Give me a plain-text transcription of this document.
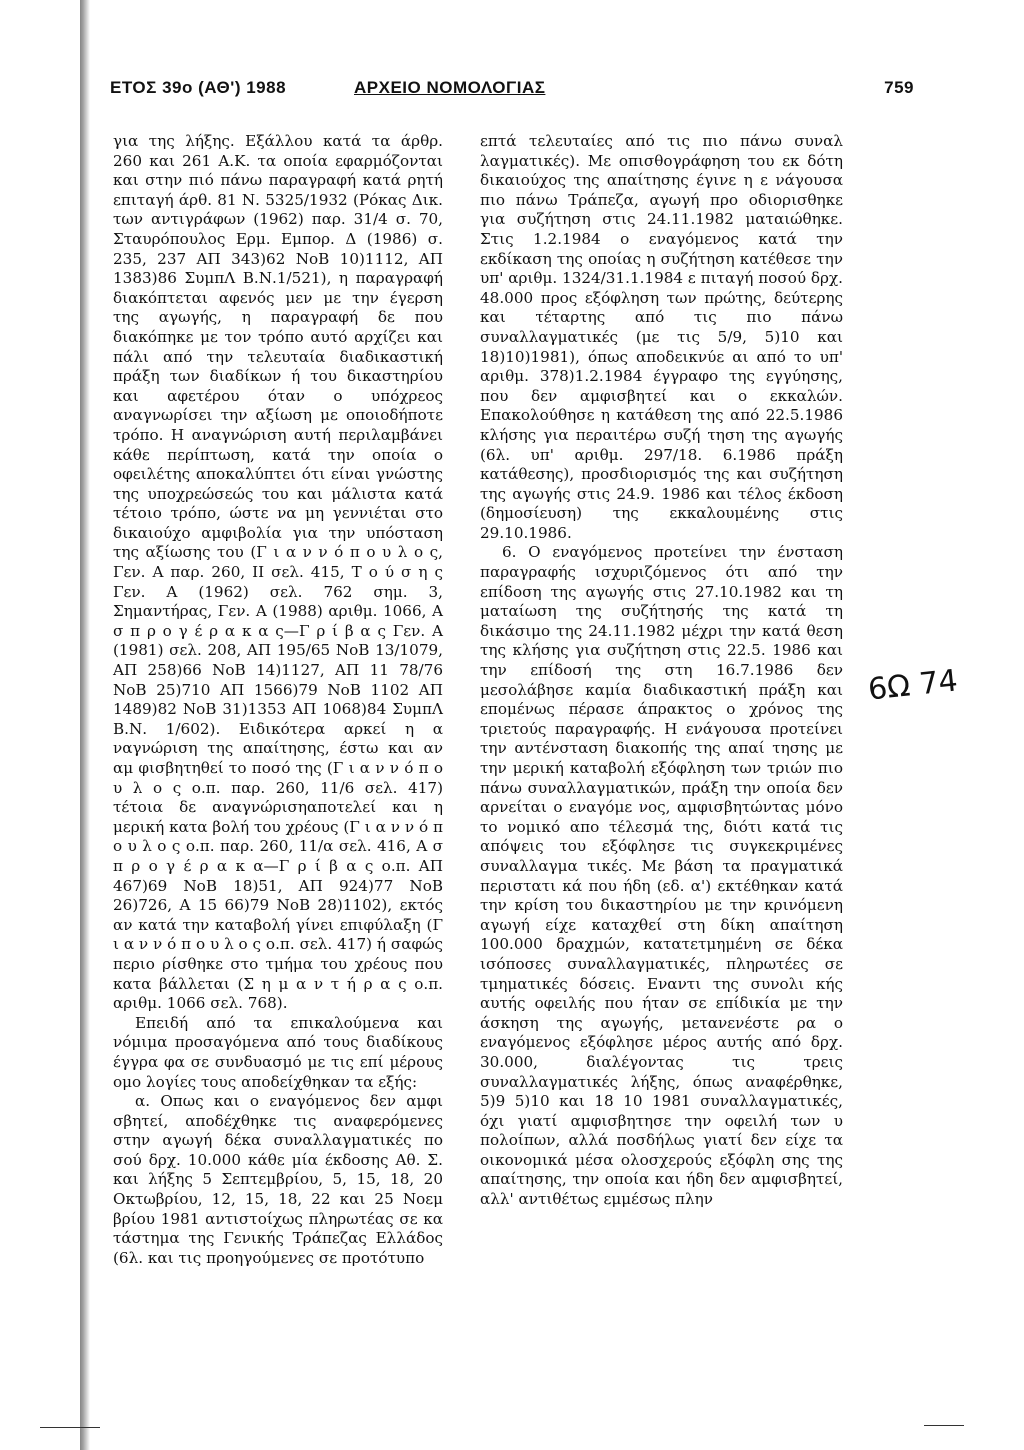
ΕΤΟΣ 39ο (ΑΘ') 1988	ΑΡΧΕΙΟ ΝΟΜΟΛΟΓΙΑΣ	759

για της λήξης. Εξάλλου κατά τα άρθρ. 260 και 261 Α.Κ. τα οποία εφαρμόζονται και στην πιό πάνω παραγραφή κατά ρητή επιταγή άρθ. 81 Ν. 5325/1932 (Ρόκας Δικ. των αντιγράφων (1962) παρ. 31/4 σ. 70, Σταυρόπουλος Ερμ. Εμπορ. Δ (1986) σ. 235, 237 ΑΠ 343)62 ΝοΒ 10)1112, ΑΠ 1383)86 ΣυμπΛ Β.Ν.1/521), η παραγραφή διακόπτεται αφενός μεν με την έγερση της αγωγής, η παραγραφή δε που διακόπηκε με τον τρόπο αυτό αρχίζει και πάλι από την τελευταία διαδικαστική πράξη των διαδίκων ή του δικαστηρίου και αφετέρου όταν ο υπόχρεος αναγνωρίσει την αξίωση με οποιοδήποτε τρόπο. Η αναγνώριση αυτή περιλαμβάνει κάθε περίπτωση, κατά την οποία ο οφειλέτης αποκαλύπτει ότι είναι γνώστης της υποχρεώσεώς του και μάλιστα κατά τέτοιο τρόπο, ώστε να μη γεννιέται στο δικαιούχο αμφιβολία για την υπόσταση της αξίωσης του (Γ ι α ν ν ό π ο υ λ ο ς, Γεν. Α παρ. 260, ΙΙ σελ. 415, Τ ο ύ σ η ς Γεν. Α (1962) σελ. 762 σημ. 3, Σημαντήρας, Γεν. Α (1988) αριθμ. 1066, Α σ π ρ ο γ έ ρ α κ α ς—Γ ρ ί β α ς Γεν. Α (1981) σελ. 208, ΑΠ 195/65 ΝοΒ 13/1079, ΑΠ 258)66 ΝοΒ 14)1127, ΑΠ 11 78/76 ΝοΒ 25)710 ΑΠ 1566)79 ΝοΒ 1102 ΑΠ 1489)82 ΝοΒ 31)1353 ΑΠ 1068)84 ΣυμπΛ Β.Ν. 1/602). Ειδικότερα αρκεί η α ναγνώριση της απαίτησης, έστω και αν αμ φισβητηθεί το ποσό της (Γ ι α ν ν ό π ο υ λ ο ς ο.π. παρ. 260, 11/6 σελ. 417) τέτοια δε αναγνώρισηαποτελεί και η μερική κατα βολή του χρέους (Γ ι α ν ν ό π ο υ λ ο ς ο.π. παρ. 260, 11/α σελ. 416, Α σ π ρ ο γ έ ρ α κ α—Γ ρ ί β α ς ο.π. ΑΠ 467)69 ΝοΒ 18)51, ΑΠ 924)77 ΝοΒ 26)726, Α 15 66)79 ΝοΒ 28)1102), εκτός αν κατά την καταβολή γίνει επιφύλαξη (Γ ι α ν ν ό π ο υ λ ο ς ο.π. σελ. 417) ή σαφώς περιο ρίσθηκε στο τμήμα του χρέους που κατα βάλλεται (Σ η μ α ν τ ή ρ α ς ο.π. αριθμ. 1066 σελ. 768).

Επειδή από τα επικαλούμενα και νόμιμα προσαγόμενα από τους διαδίκους έγγρα φα σε συνδυασμό με τις επί μέρους ομο λογίες τους αποδείχθηκαν τα εξής:

α. Οπως και ο εναγόμενος δεν αμφι σβητεί, αποδέχθηκε τις αναφερόμενες στην αγωγή δέκα συναλλαγματικές πο σού δρχ. 10.000 κάθε μία έκδοσης Αθ. Σ. και λήξης 5 Σεπτεμβρίου, 5, 15, 18, 20 Οκτωβρίου, 12, 15, 18, 22 και 25 Νοεμ βρίου 1981 αντιστοίχως πληρωτέας σε κα τάστημα της Γενικής Τράπεζας Ελλάδος (6λ. και τις προηγούμενες σε προτότυπο

επτά τελευταίες από τις πιο πάνω συναλ λαγματικές). Με οπισθογράφηση του εκ δότη δικαιούχος της απαίτησης έγινε η ε νάγουσα πιο πάνω Τράπεζα, αγωγή προ οδιορισθηκε για συζήτηση στις 24.11.1982 ματαιώθηκε. Στις 1.2.1984 ο εναγόμενος κατά την εκδίκαση της οποίας η συζήτηση κατέθεσε την υπ' αριθμ. 1324/31.1.1984 ε πιταγή ποσού δρχ. 48.000 προς εξόφληση των πρώτης, δεύτερης και τέταρτης από τις πιο πάνω συναλλαγματικές (με τις 5/9, 5)10 και 18)10)1981), όπως αποδεικνύε αι από το υπ' αριθμ. 378)1.2.1984 έγγραφο της εγγύησης, που δεν αμφισβητεί και ο εκκαλών. Επακολούθησε η κατάθεση της από 22.5.1986 κλήσης για περαιτέρω συζή τηση της αγωγής (6λ. υπ' αριθμ. 297/18. 6.1986 πράξη κατάθεσης), προσδιορισμός της και συζήτηση της αγωγής στις 24.9. 1986 και τέλος έκδοση (δημοσίευση) της εκκαλουμένης στις 29.10.1986.

6. Ο εναγόμενος προτείνει την ένσταση παραγραφής ισχυριζόμενος ότι από την επίδοση της αγωγής στις 27.10.1982 και τη ματαίωση της συζήτησής της κατά τη δικάσιμο της 24.11.1982 μέχρι την κατά θεση της κλήσης για συζήτηση στις 22.5. 1986 και την επίδοσή της στη 16.7.1986 δεν μεσολάβησε καμία διαδικαστική πράξη και επομένως πέρασε άπρακτος ο χρόνος της τριετούς παραγραφής. Η ενάγουσα προτείνει την αντένσταση διακοπής της απαί τησης με την μερική καταβολή εξόφληση των τριών πιο πάνω συναλλαγματικών, πράξη την οποία δεν αρνείται ο εναγόμε νος, αμφισβητώντας μόνο το νομικό απο τέλεσμά της, διότι κατά τις απόψεις του εξόφλησε τις συγκεκριμένες συναλλαγμα τικές. Με βάση τα πραγματικά περιστατι κά που ήδη (εδ. α') εκτέθηκαν κατά την κρίση του δικαστηρίου με την κρινόμενη αγωγή είχε καταχθεί στη δίκη απαίτηση 100.000 δραχμών, κατατετμημένη σε δέκα ισόποσες συναλλαγματικές, πληρωτέες σε τμηματικές δόσεις. Εναντι της συνολι κής αυτής οφειλής που ήταν σε επίδικία με την άσκηση της αγωγής, μετανενέστε ρα ο εναγόμενος εξόφλησε μέρος αυτής από δρχ. 30.000, διαλέγοντας τις τρεις συναλλαγματικές λήξης, όπως αναφέρθηκε, 5)9 5)10 και 18 10 1981 συναλλαγματικές, όχι γιατί αμφισβητησε την οφειλή των υ πολοίπων, αλλά ποσδήλως γιατί δεν είχε τα οικονομικά μέσα ολοσχερούς εξόφλη σης της απαίτησης, την οποία και ήδη δεν αμφισβητεί, αλλ' αντιθέτως εμμέσως πλην

6Ω 74
